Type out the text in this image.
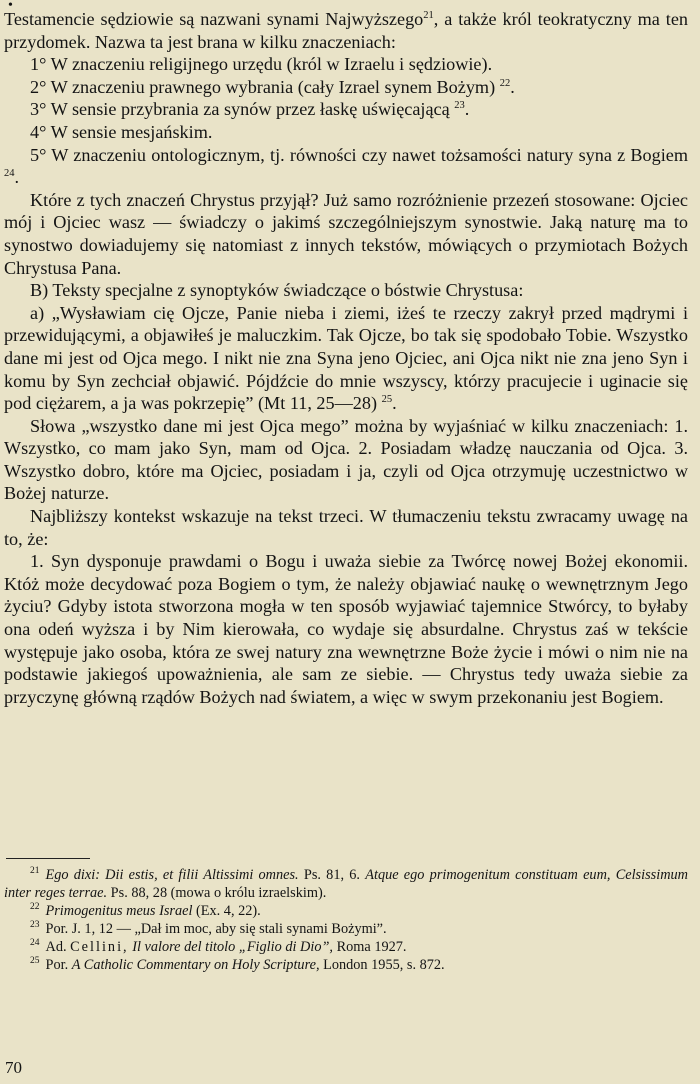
•

Testamencie sędziowie są nazwani synami Najwyższego$^{21}$, a także król teokratyczny ma ten przydomek. Nazwa ta jest brana w kilku znaczeniach:

1° W znaczeniu religijnego urzędu (król w Izraelu i sędziowie).

2° W znaczeniu prawnego wybrania (cały Izrael synem Bożym) $^{22}$.

3° W sensie przybrania za synów przez łaskę uświęcającą $^{23}$.

4° W sensie mesjańskim.

5° W znaczeniu ontologicznym, tj. równości czy nawet tożsamości natury syna z Bogiem $^{24}$.

Które z tych znaczeń Chrystus przyjął? Już samo rozróżnienie przezeń stosowane: Ojciec mój i Ojciec wasz — świadczy o jakimś szczególniejszym synostwie. Jaką naturę ma to synostwo dowiadujemy się natomiast z innych tekstów, mówiących o przymiotach Bożych Chrystusa Pana.

B) Teksty specjalne z synoptyków świadczące o bóstwie Chrystusa:

a) „Wysławiam cię Ojcze, Panie nieba i ziemi, iżeś te rzeczy zakrył przed mądrymi i przewidującymi, a objawiłeś je maluczkim. Tak Ojcze, bo tak się spodobało Tobie. Wszystko dane mi jest od Ojca mego. I nikt nie zna Syna jeno Ojciec, ani Ojca nikt nie zna jeno Syn i komu by Syn zechciał objawić. Pójdźcie do mnie wszyscy, którzy pracujecie i uginacie się pod ciężarem, a ja was pokrzepię” (Mt 11, 25—28) $^{25}$.

Słowa „wszystko dane mi jest Ojca mego” można by wyjaśniać w kilku znaczeniach: 1. Wszystko, co mam jako Syn, mam od Ojca. 2. Posiadam władzę nauczania od Ojca. 3. Wszystko dobro, które ma Ojciec, posiadam i ja, czyli od Ojca otrzymuję uczestnictwo w Bożej naturze.

Najbliższy kontekst wskazuje na tekst trzeci. W tłumaczeniu tekstu zwracamy uwagę na to, że:

1. Syn dysponuje prawdami o Bogu i uważa siebie za Twórcę nowej Bożej ekonomii. Któż może decydować poza Bogiem o tym, że należy objawiać naukę o wewnętrznym Jego życiu? Gdyby istota stworzona mogła w ten sposób wyjawiać tajemnice Stwórcy, to byłaby ona odeń wyższa i by Nim kierowała, co wydaje się absurdalne. Chrystus zaś w tekście występuje jako osoba, która ze swej natury zna wewnętrzne Boże życie i mówi o nim nie na podstawie jakiegoś upoważnienia, ale sam ze siebie. — Chrystus tedy uważa siebie za przyczynę główną rządów Bożych nad światem, a więc w swym przekonaniu jest Bogiem.

$^{21}$ Ego dixi: Dii estis, et filii Altissimi omnes. Ps. 81, 6. Atque ego primogenitum constituam eum, Celsissimum inter reges terrae. Ps. 88, 28 (mowa o królu izraelskim).

$^{22}$ Primogenitus meus Israel (Ex. 4, 22).

$^{23}$ Por. J. 1, 12 — „Dał im moc, aby się stali synami Bożymi”.

$^{24}$ Ad. Cellini, Il valore del titolo „Figlio di Dio”, Roma 1927.

$^{25}$ Por. A Catholic Commentary on Holy Scripture, London 1955, s. 872.

70
